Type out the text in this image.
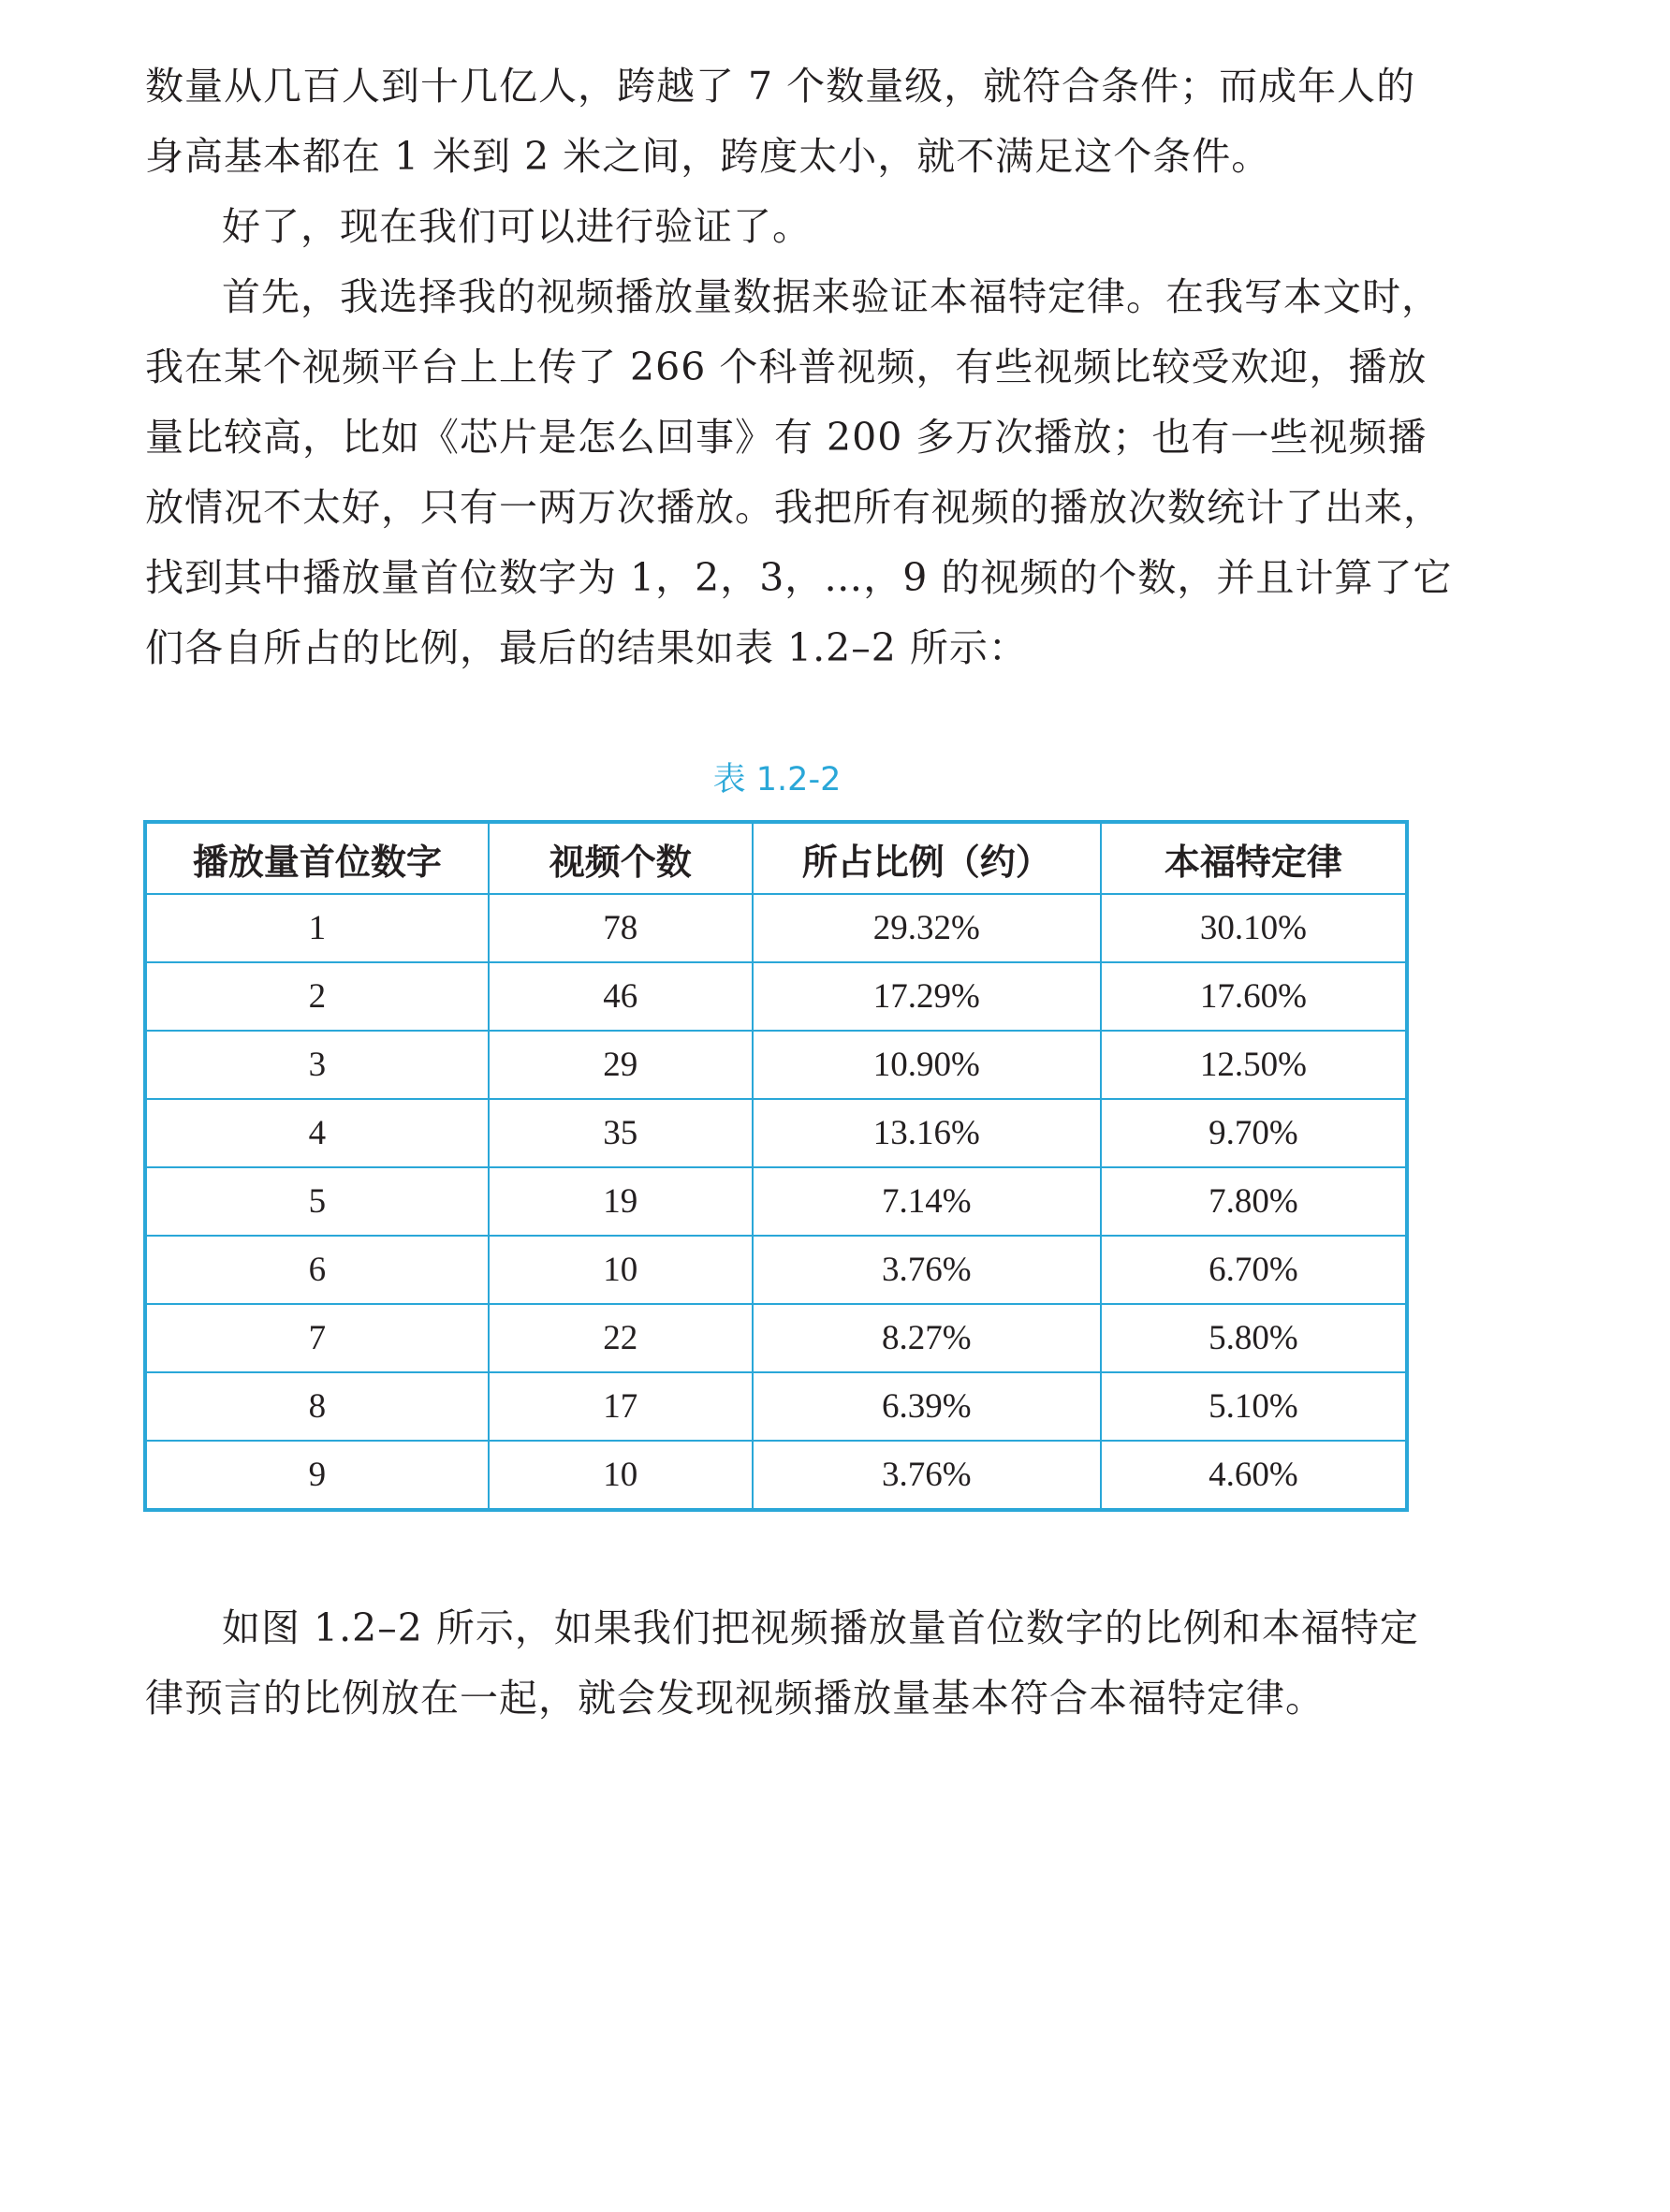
数量从几百人到十几亿人，跨越了 7 个数量级，就符合条件；而成年人的
身高基本都在 1 米到 2 米之间，跨度太小，就不满足这个条件。

好了，现在我们可以进行验证了。

首先，我选择我的视频播放量数据来验证本福特定律。在我写本文时，
我在某个视频平台上上传了 266 个科普视频，有些视频比较受欢迎，播放
量比较高，比如《芯片是怎么回事》有 200 多万次播放；也有一些视频播
放情况不太好，只有一两万次播放。我把所有视频的播放次数统计了出来，
找到其中播放量首位数字为 1，2，3，…，9 的视频的个数，并且计算了它
们各自所占的比例，最后的结果如表 1.2–2 所示：

表 1.2-2
播放量首位数字	视频个数	所占比例（约）	本福特定律
1	78	29.32%	30.10%
2	46	17.29%	17.60%
3	29	10.90%	12.50%
4	35	13.16%	9.70%
5	19	7.14%	7.80%
6	10	3.76%	6.70%
7	22	8.27%	5.80%
8	17	6.39%	5.10%
9	10	3.76%	4.60%

如图 1.2–2 所示，如果我们把视频播放量首位数字的比例和本福特定
律预言的比例放在一起，就会发现视频播放量基本符合本福特定律。
